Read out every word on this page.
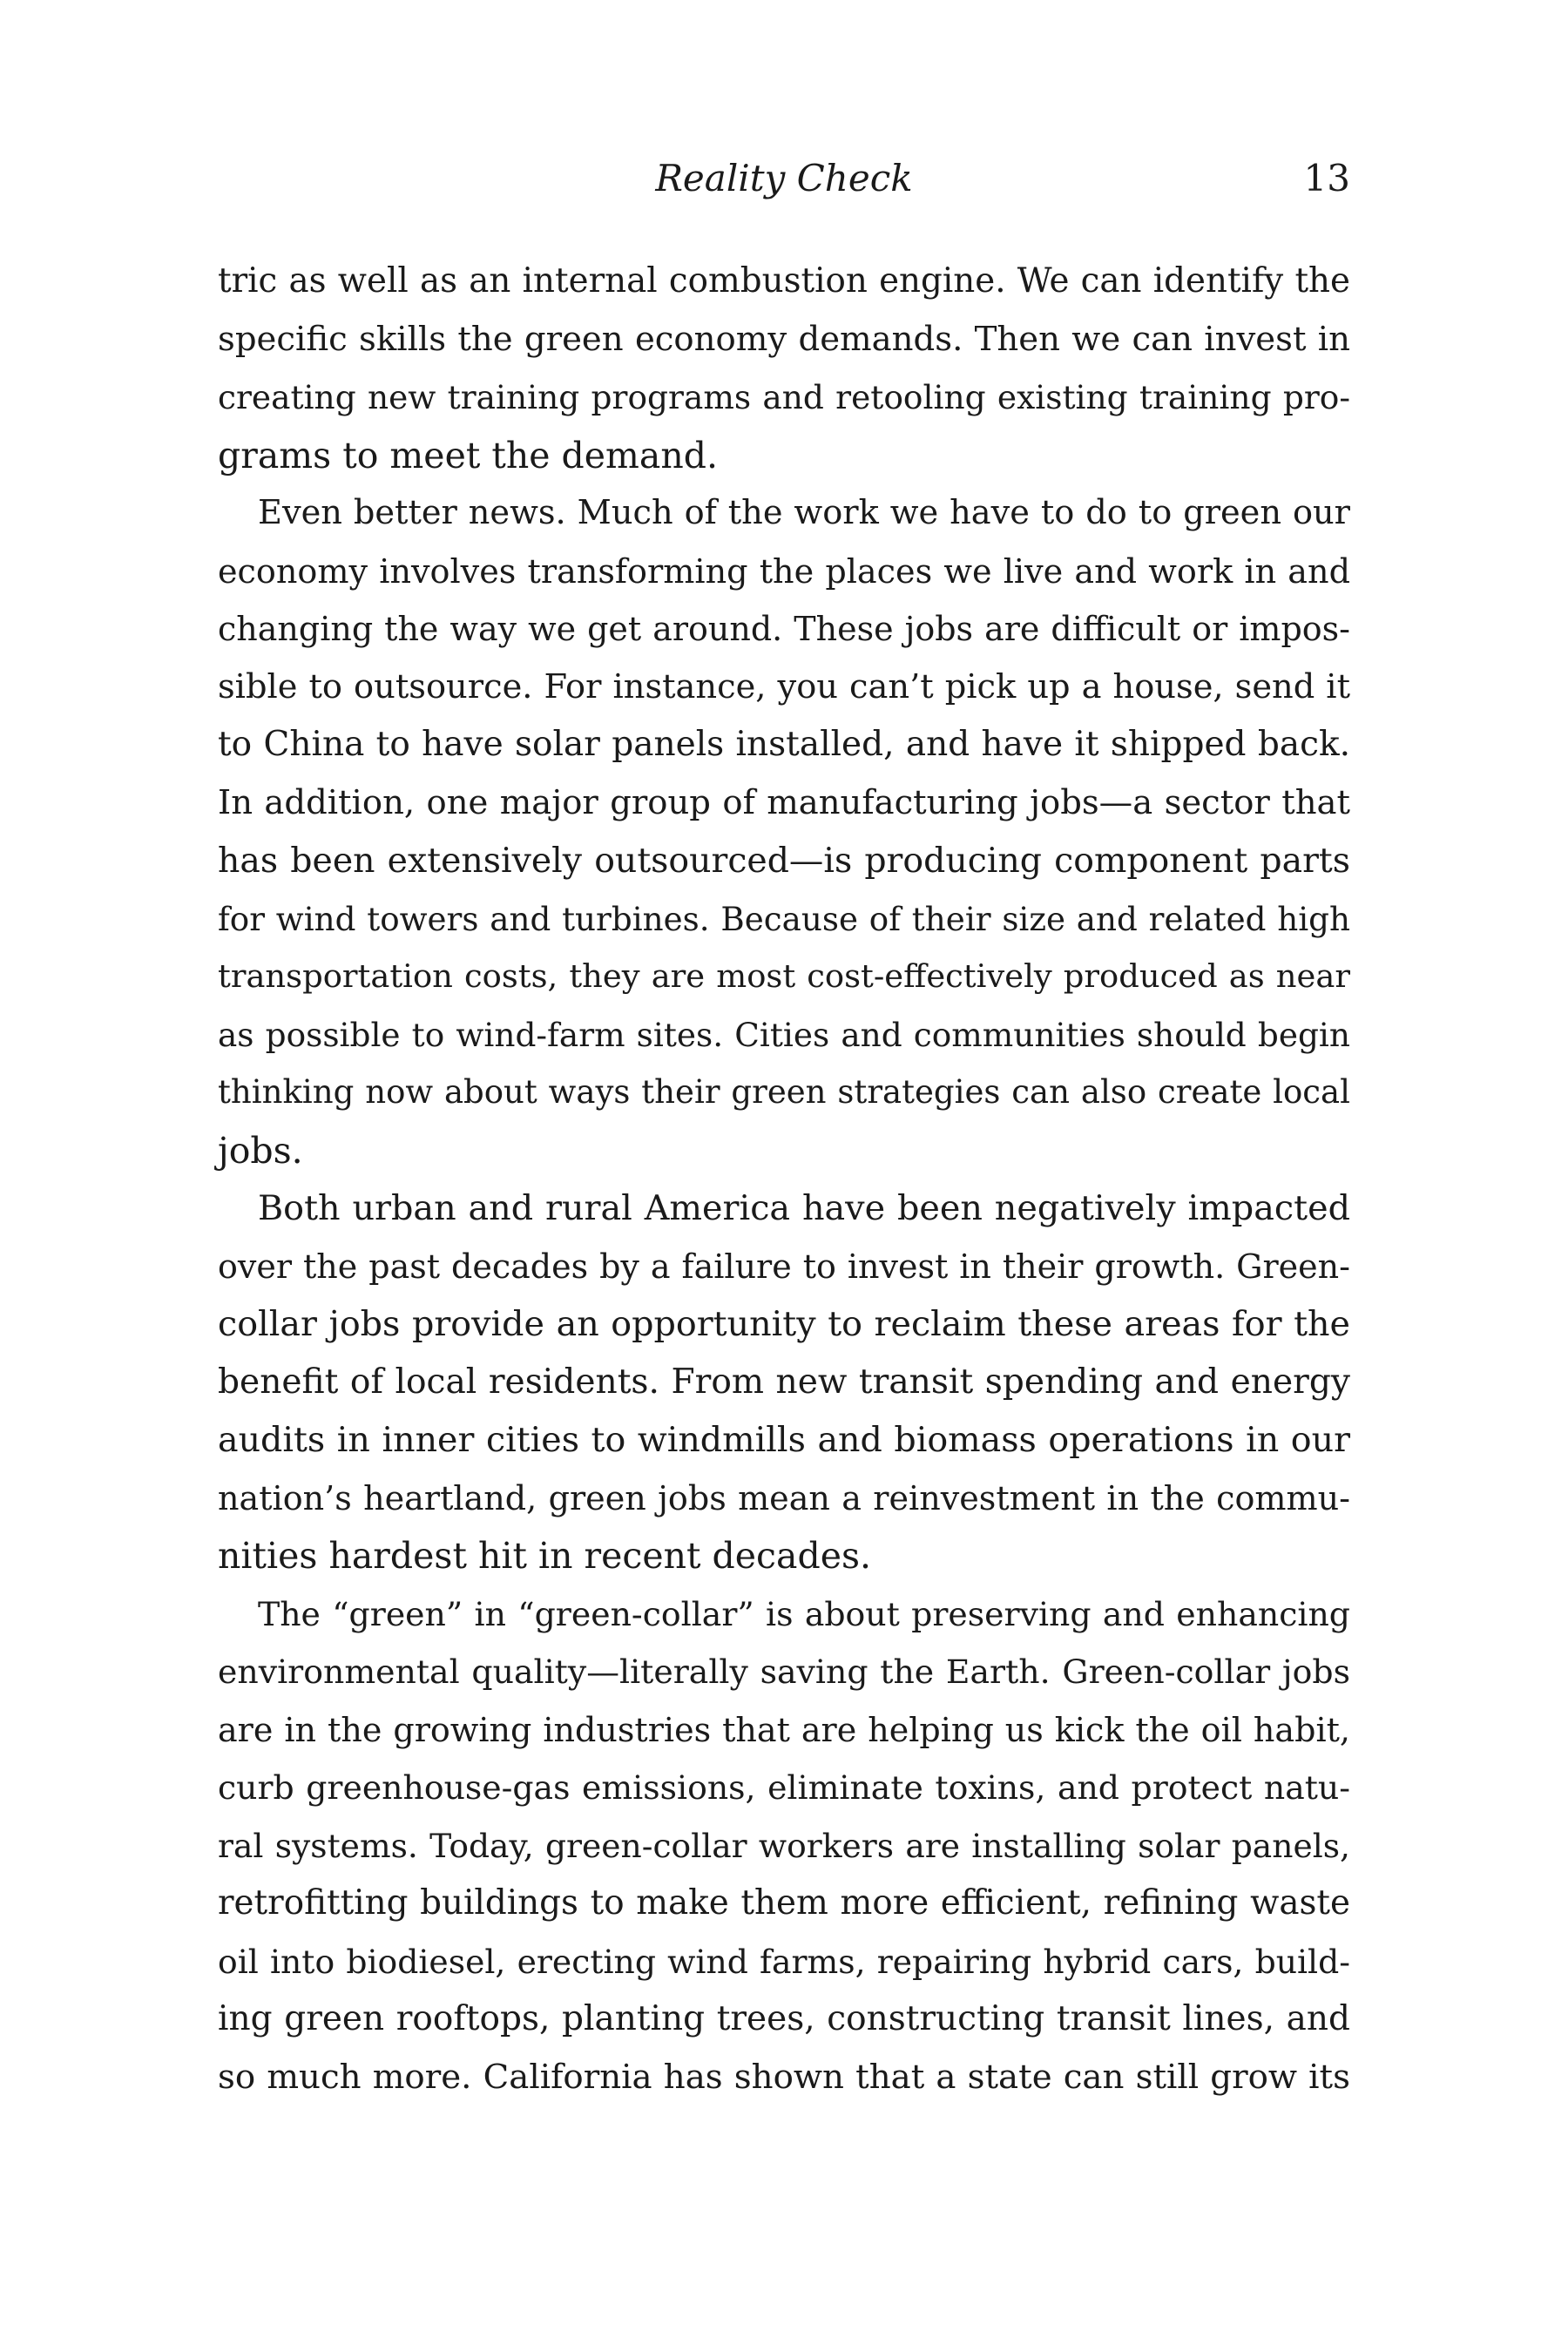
Reality Check	13
tric as well as an internal combustion engine. We can identify the
specific skills the green economy demands. Then we can invest in
creating new training programs and retooling existing training pro-
grams to meet the demand.
Even better news. Much of the work we have to do to green our
economy involves transforming the places we live and work in and
changing the way we get around. These jobs are difficult or impos-
sible to outsource. For instance, you can’t pick up a house, send it
to China to have solar panels installed, and have it shipped back.
In addition, one major group of manufacturing jobs—a sector that
has been extensively outsourced—is producing component parts
for wind towers and turbines. Because of their size and related high
transportation costs, they are most cost-effectively produced as near
as possible to wind-farm sites. Cities and communities should begin
thinking now about ways their green strategies can also create local
jobs.
Both urban and rural America have been negatively impacted
over the past decades by a failure to invest in their growth. Green-
collar jobs provide an opportunity to reclaim these areas for the
benefit of local residents. From new transit spending and energy
audits in inner cities to windmills and biomass operations in our
nation’s heartland, green jobs mean a reinvestment in the commu-
nities hardest hit in recent decades.
The “green” in “green-collar” is about preserving and enhancing
environmental quality—literally saving the Earth. Green-collar jobs
are in the growing industries that are helping us kick the oil habit,
curb greenhouse-gas emissions, eliminate toxins, and protect natu-
ral systems. Today, green-collar workers are installing solar panels,
retrofitting buildings to make them more efficient, refining waste
oil into biodiesel, erecting wind farms, repairing hybrid cars, build-
ing green rooftops, planting trees, constructing transit lines, and
so much more. California has shown that a state can still grow its
